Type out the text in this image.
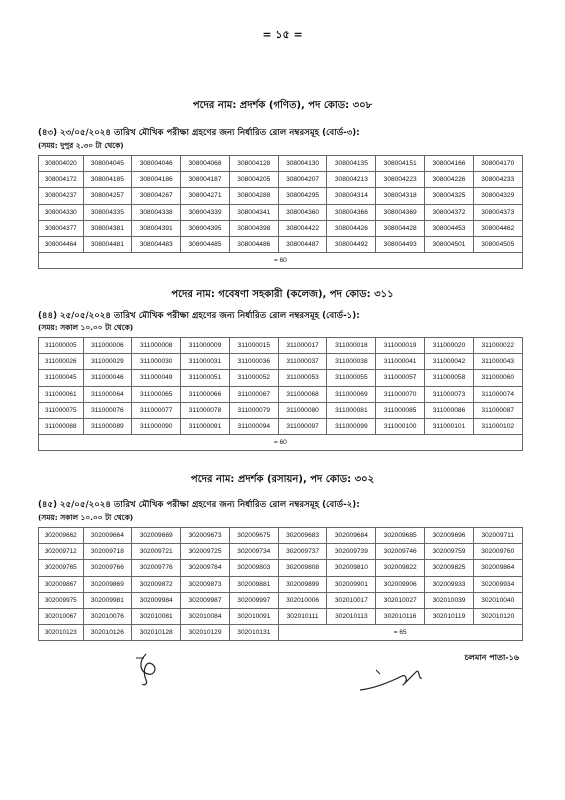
= ১৫ =
পদের নাম: প্রদর্শক (গণিত), পদ কোড: ৩০৮
(৪৩) ২৩/০৫/২০২৪ তারিখ মৌখিক পরীক্ষা গ্রহণের জন্য নির্ধারিত রোল নম্বরসমূহ (বোর্ড-৩):
(সময়: দুপুর ২.৩০ টা থেকে)
308004020	308004045	308004046	308004068	308004128	308004130	308004135	308004151	308004166	308004170
308004172	308004185	308004186	308004187	308004205	308004207	308004213	308004223	308004226	308004233
308004237	308004257	308004267	308004271	308004288	308004295	308004314	308004318	308004325	308004329
308004330	308004335	308004338	308004339	308004341	308004360	308004366	308004369	308004372	308004373
308004377	308004381	308004391	308004395	308004398	308004422	308004426	308004428	308004453	308004462
308004464	308004481	308004483	308004485	308004486	308004487	308004492	308004493	308004501	308004505
= 60									
পদের নাম: গবেষণা সহকারী (কলেজ), পদ কোড: ৩১১
(৪৪) ২৫/০৫/২০২৪ তারিখ মৌখিক পরীক্ষা গ্রহণের জন্য নির্ধারিত রোল নম্বরসমূহ (বোর্ড-১):
(সময়: সকাল ১০.০০ টা থেকে)
311000005	311000006	311000008	311000009	311000015	311000017	311000018	311000019	311000020	311000022
311000026	311000029	311000030	311000031	311000036	311000037	311000038	311000041	311000042	311000043
311000045	311000046	311000049	311000051	311000052	311000053	311000055	311000057	311000058	311000060
311000061	311000064	311000065	311000066	311000067	311000068	311000069	311000070	311000073	311000074
311000075	311000076	311000077	311000078	311000079	311000080	311000081	311000085	311000086	311000087
311000088	311000089	311000090	311000091	311000094	311000097	311000099	311000100	311000101	311000102
= 60									
পদের নাম: প্রদর্শক (রসায়ন), পদ কোড: ৩০২
(৪৫) ২৫/০৫/২০২৪ তারিখ মৌখিক পরীক্ষা গ্রহণের জন্য নির্ধারিত রোল নম্বরসমূহ (বোর্ড-২):
(সময়: সকাল ১০.০০ টা থেকে)
302009662	302009664	302009669	302009673	302009675	302009683	302009684	302009685	302009696	302009711
302009712	302009718	302009721	302009725	302009734	302009737	302009739	302009746	302009759	302009760
302009765	302009766	302009776	302009784	302009803	302009808	302009810	302009822	302009825	302009864
302009867	302009869	302009872	302009873	302009881	302009899	302009901	302009906	302009933	302009934
302009975	302009981	302009984	302009987	302009997	302010006	302010017	302010027	302010039	302010040
302010067	302010076	302010081	302010084	302010091	302010111	302010113	302010116	302010119	302010120
302010123	302010126	302010128	302010129	302010131	= 65				
চলমান পাতা-১৬
